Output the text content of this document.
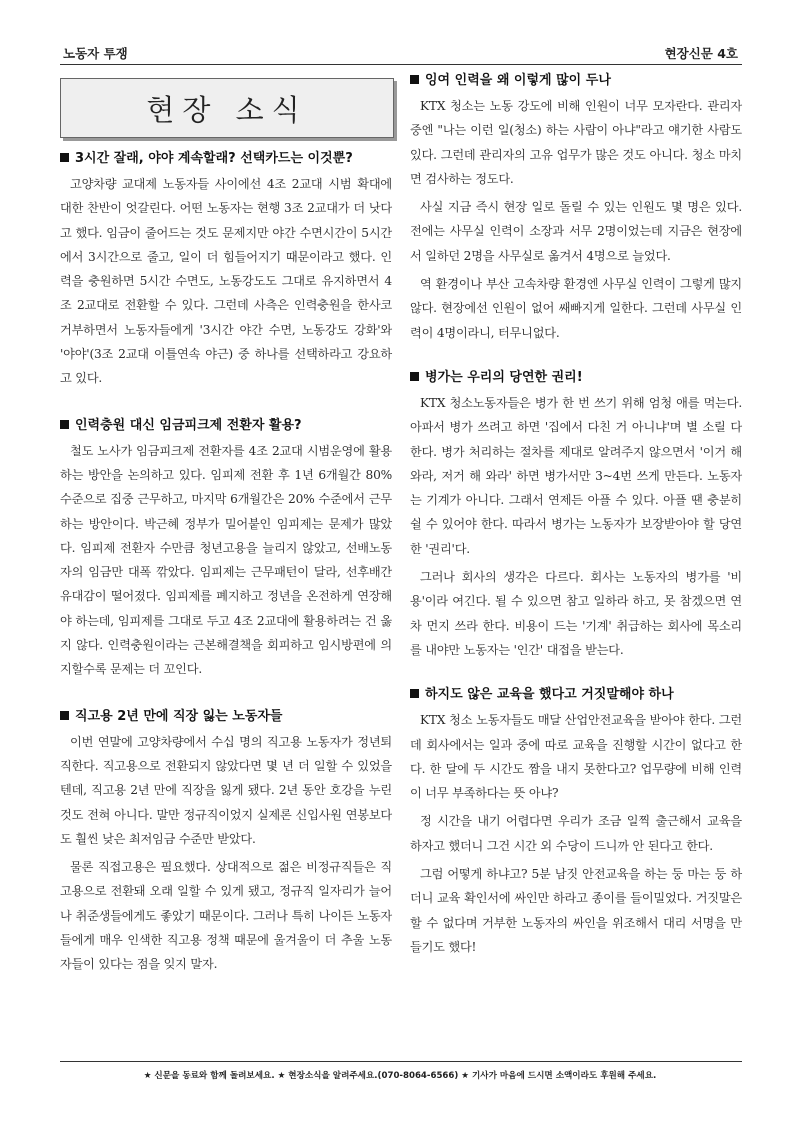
노동자 투쟁	현장신문 4호
현장 소식
3시간 잘래, 야야 계속할래? 선택카드는 이것뿐?

고양차량 교대제 노동자들 사이에선 4조 2교대 시범 확대에 대한 찬반이 엇갈린다. 어떤 노동자는 현행 3조 2교대가 더 낫다고 했다. 임금이 줄어드는 것도 문제지만 야간 수면시간이 5시간에서 3시간으로 줄고, 일이 더 힘들어지기 때문이라고 했다. 인력을 충원하면 5시간 수면도, 노동강도도 그대로 유지하면서 4조 2교대로 전환할 수 있다. 그런데 사측은 인력충원을 한사코 거부하면서 노동자들에게 '3시간 야간 수면, 노동강도 강화'와 '야야'(3조 2교대 이틀연속 야근) 중 하나를 선택하라고 강요하고 있다.

인력충원 대신 임금피크제 전환자 활용?

철도 노사가 임금피크제 전환자를 4조 2교대 시범운영에 활용하는 방안을 논의하고 있다. 임피제 전환 후 1년 6개월간 80% 수준으로 집중 근무하고, 마지막 6개월간은 20% 수준에서 근무하는 방안이다. 박근혜 정부가 밀어붙인 임피제는 문제가 많았다. 임피제 전환자 수만큼 청년고용을 늘리지 않았고, 선배노동자의 임금만 대폭 깎았다. 임피제는 근무패턴이 달라, 선후배간 유대감이 떨어졌다. 임피제를 폐지하고 정년을 온전하게 연장해야 하는데, 임피제를 그대로 두고 4조 2교대에 활용하려는 건 옳지 않다. 인력충원이라는 근본해결책을 회피하고 임시방편에 의지할수록 문제는 더 꼬인다.

직고용 2년 만에 직장 잃는 노동자들

이번 연말에 고양차량에서 수십 명의 직고용 노동자가 정년퇴직한다. 직고용으로 전환되지 않았다면 몇 년 더 일할 수 있었을 텐데, 직고용 2년 만에 직장을 잃게 됐다. 2년 동안 호강을 누린 것도 전혀 아니다. 말만 정규직이었지 실제론 신입사원 연봉보다도 훨씬 낮은 최저임금 수준만 받았다.

물론 직접고용은 필요했다. 상대적으로 젊은 비정규직들은 직고용으로 전환돼 오래 일할 수 있게 됐고, 정규직 일자리가 늘어나 취준생들에게도 좋았기 때문이다. 그러나 특히 나이든 노동자들에게 매우 인색한 직고용 정책 때문에 울겨울이 더 추울 노동자들이 있다는 점을 잊지 말자.

잉여 인력을 왜 이렇게 많이 두나

KTX 청소는 노동 강도에 비해 인원이 너무 모자란다. 관리자 중엔 "나는 이런 일(청소) 하는 사람이 아냐"라고 얘기한 사람도 있다. 그런데 관리자의 고유 업무가 많은 것도 아니다. 청소 마치면 검사하는 정도다.

사실 지금 즉시 현장 일로 돌릴 수 있는 인원도 몇 명은 있다. 전에는 사무실 인력이 소장과 서무 2명이었는데 지금은 현장에서 일하던 2명을 사무실로 옮겨서 4명으로 늘었다.

역 환경이나 부산 고속차량 환경엔 사무실 인력이 그렇게 많지 않다. 현장에선 인원이 없어 쌔빠지게 일한다. 그런데 사무실 인력이 4명이라니, 터무니없다.

병가는 우리의 당연한 권리!

KTX 청소노동자들은 병가 한 번 쓰기 위해 엄청 애를 먹는다. 아파서 병가 쓰려고 하면 '집에서 다친 거 아니냐'며 별 소릴 다 한다. 병가 처리하는 절차를 제대로 알려주지 않으면서 '이거 해 와라, 저거 해 와라' 하면 병가서만 3~4번 쓰게 만든다. 노동자는 기계가 아니다. 그래서 연제든 아플 수 있다. 아플 땐 충분히 쉴 수 있어야 한다. 따라서 병가는 노동자가 보장받아야 할 당연한 '권리'다.

그러나 회사의 생각은 다르다. 회사는 노동자의 병가를 '비용'이라 여긴다. 될 수 있으면 참고 일하라 하고, 못 참겠으면 연차 먼지 쓰라 한다. 비용이 드는 '기계' 취급하는 회사에 목소리를 내야만 노동자는 '인간' 대접을 받는다.

하지도 않은 교육을 했다고 거짓말해야 하나

KTX 청소 노동자들도 매달 산업안전교육을 받아야 한다. 그런데 회사에서는 일과 중에 따로 교육을 진행할 시간이 없다고 한다. 한 달에 두 시간도 짬을 내지 못한다고? 업무량에 비해 인력이 너무 부족하다는 뜻 아냐?

정 시간을 내기 어렵다면 우리가 조금 일찍 출근해서 교육을 하자고 했더니 그건 시간 외 수당이 드니까 안 된다고 한다.

그럼 어떻게 하냐고? 5분 남짓 안전교육을 하는 둥 마는 둥 하더니 교육 확인서에 싸인만 하라고 종이를 들이밀었다. 거짓말은 할 수 없다며 거부한 노동자의 싸인을 위조해서 대리 서명을 만들기도 했다!

★ 신문을 동료와 함께 돌려보세요. ★ 현장소식을 알려주세요.(070-8064-6566) ★ 기사가 마음에 드시면 소액이라도 후원해 주세요.
